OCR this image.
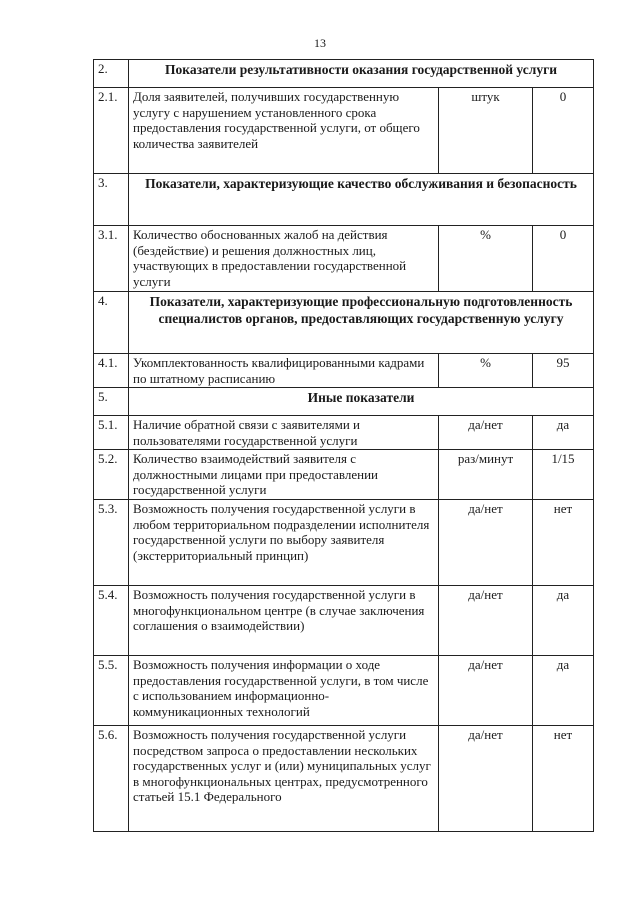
13
2.	Показатели результативности оказания государственной услуги		
2.1.	Доля заявителей, получивших государственную услугу с нарушением установленного срока предоставления государственной услуги, от общего количества заявителей	штук	0
3.	Показатели, характеризующие качество обслуживания и безопасность		
3.1.	Количество обоснованных жалоб на действия (бездействие) и решения должностных лиц, участвующих в предоставлении государственной услуги	%	0
4.	Показатели, характеризующие профессиональную подготовленность специалистов органов, предоставляющих государственную услугу		
4.1.	Укомплектованность квалифицированными кадрами по штатному расписанию	%	95
5.	Иные показатели		
5.1.	Наличие обратной связи с заявителями и пользователями государственной услуги	да/нет	да
5.2.	Количество взаимодействий заявителя с должностными лицами при предоставлении государственной услуги	раз/минут	1/15
5.3.	Возможность получения государственной услуги в любом территориальном подразделении исполнителя государственной услуги по выбору заявителя (экстерриториальный принцип)	да/нет	нет
5.4.	Возможность получения государственной услуги в многофункциональном центре (в случае заключения соглашения о взаимодействии)	да/нет	да
5.5.	Возможность получения информации о ходе предоставления государственной услуги, в том числе с использованием информационно-коммуникационных технологий	да/нет	да
5.6.	Возможность получения государственной услуги посредством запроса о предоставлении нескольких государственных услуг и (или) муниципальных услуг в многофункциональных центрах, предусмотренного статьей 15.1 Федерального	да/нет	нет
